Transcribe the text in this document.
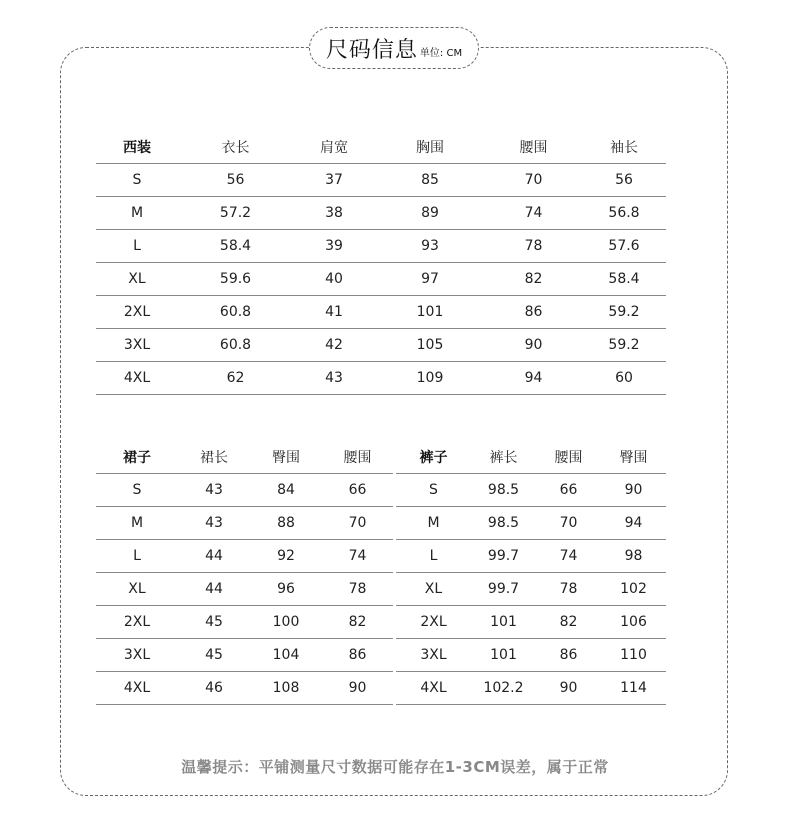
尺码信息 单位: CM
西装	衣长	肩宽	胸围	腰围	袖长
S	56	37	85	70	56
M	57.2	38	89	74	56.8
L	58.4	39	93	78	57.6
XL	59.6	40	97	82	58.4
2XL	60.8	41	101	86	59.2
3XL	60.8	42	105	90	59.2
4XL	62	43	109	94	60
裙子	裙长	臀围	腰围
S	43	84	66
M	43	88	70
L	44	92	74
XL	44	96	78
2XL	45	100	82
3XL	45	104	86
4XL	46	108	90
裤子	裤长	腰围	臀围
S	98.5	66	90
M	98.5	70	94
L	99.7	74	98
XL	99.7	78	102
2XL	101	82	106
3XL	101	86	110
4XL	102.2	90	114
温馨提示：平铺测量尺寸数据可能存在1-3CM误差，属于正常
